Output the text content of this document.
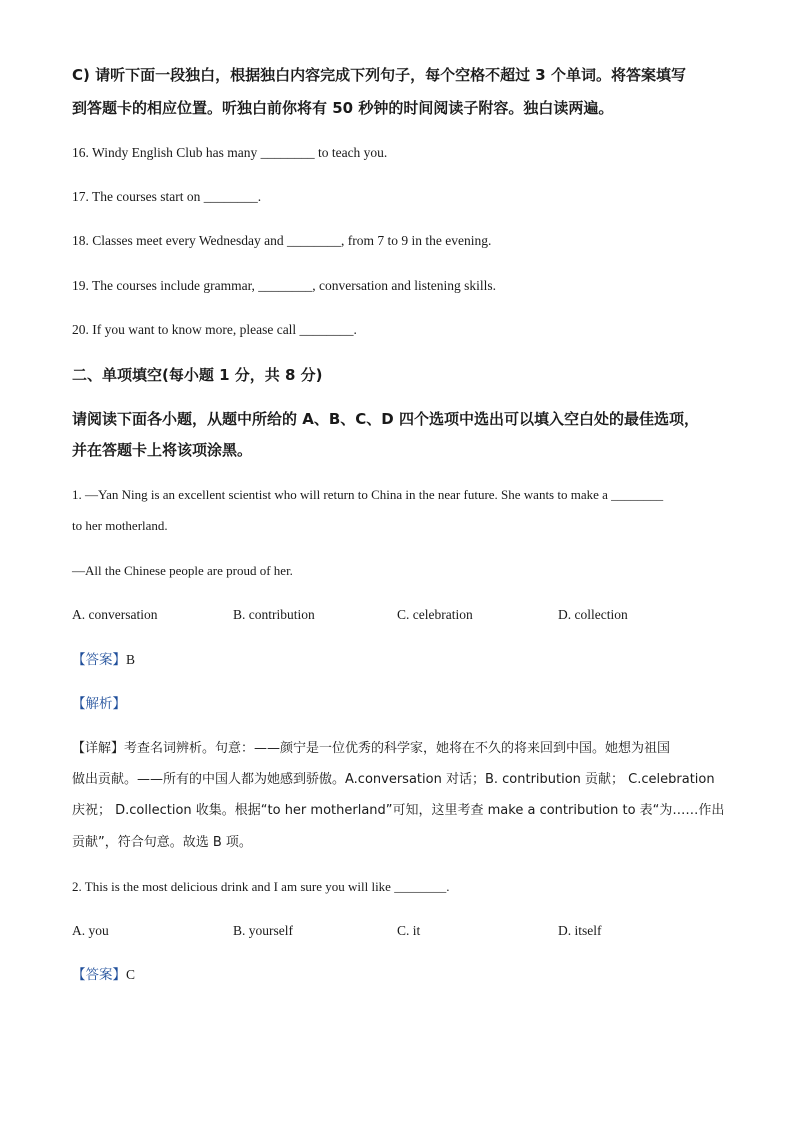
C) 请听下面一段独白，根据独白内容完成下列句子，每个空格不超过 3 个单词。将答案填写
到答题卡的相应位置。听独白前你将有 50 秒钟的时间阅读子附容。独白读两遍。
16. Windy English Club has many ________ to teach you.
17. The courses start on ________.
18. Classes meet every Wednesday and ________, from 7 to 9 in the evening.
19. The courses include grammar, ________, conversation and listening skills.
20. If you want to know more, please call ________.
二、单项填空(每小题 1 分，共 8 分)
请阅读下面各小题，从题中所给的 A、B、C、D 四个选项中选出可以填入空白处的最佳选项，
并在答题卡上将该项涂黑。
1. —Yan Ning is an excellent scientist who will return to China in the near future. She wants to make a ________
to her motherland.
—All the Chinese people are proud of her.
A. conversation	B. contribution	C. celebration	D. collection
【答案】B
【解析】
【详解】考查名词辨析。句意：——颜宁是一位优秀的科学家，她将在不久的将来回到中国。她想为祖国
做出贡献。——所有的中国人都为她感到骄傲。A.conversation 对话；B. contribution 贡献； C.celebration
庆祝； D.collection 收集。根据“to her motherland”可知，这里考查 make a contribution to 表“为……作出
贡献”，符合句意。故选 B 项。
2. This is the most delicious drink and I am sure you will like ________.
A. you	B. yourself	C. it	D. itself
【答案】C
